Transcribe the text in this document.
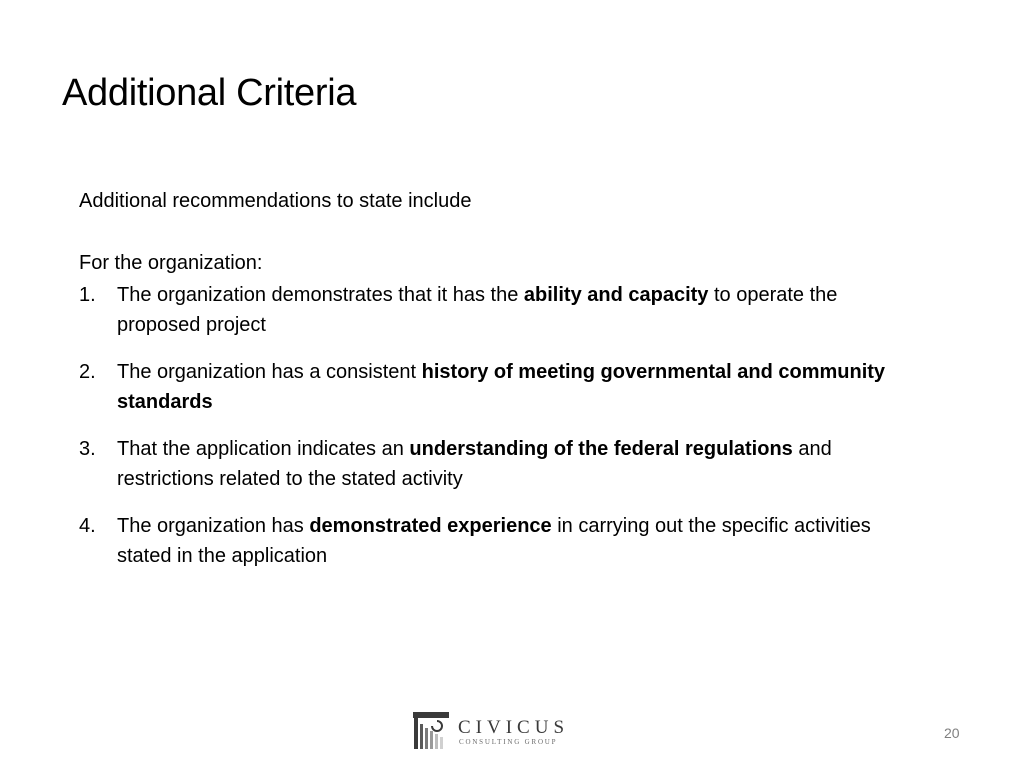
Additional Criteria

Additional recommendations to state include

For the organization:

1. The organization demonstrates that it has the ability and capacity to operate the proposed project
2. The organization has a consistent history of meeting governmental and community standards
3. That the application indicates an understanding of the federal regulations and restrictions related to the stated activity
4. The organization has demonstrated experience in carrying out the specific activities stated in the application
CIVICUS
CONSULTING GROUP
20
